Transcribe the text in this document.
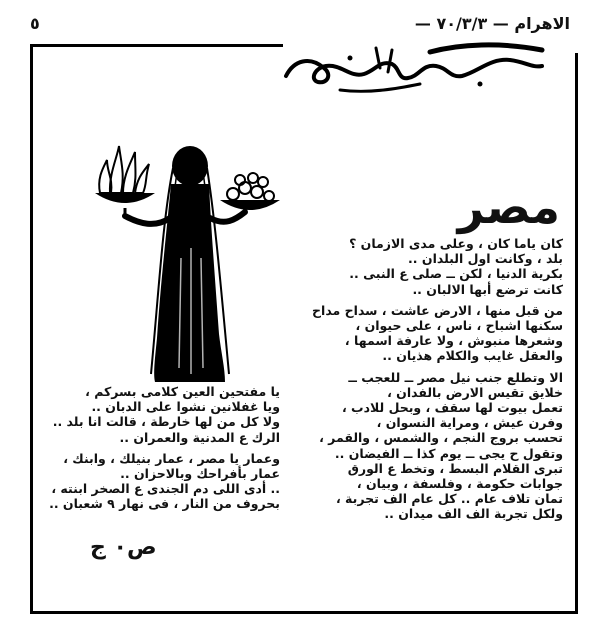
الاهرام — ٧٠/٣/٣ —
٥
مصر

كان ياما كان ، وعلى مدى الازمان ؟

بلد ، وكانت اول البلدان ..

بكرية الدنيا ، لكن ــ صلى ع النبى ..

كانت ترضع أبها الالبان ..

من قبل منها ، الارض عاشت ، سداح مداح

سكنها اشباح ، ناس ، على حيوان ،

وشعرها منبوش ، ولا عارفة اسمها ،

والعقل غايب والكلام هذيان ..

الا وتطلع جنب نيل مصر ــ للعجب ــ

خلايق تقيس الارض بالفدان ،

تعمل بيوت لها سقف ، وبحل للادب ،

وفرن عيش ، ومراية النسوان ،

تحسب بروج النجم ، والشمس ، والقمر ،

وتقول ح يجى ــ يوم كذا ــ الفيضان ..

تبرى القلام البسط ، وتخط ع الورق

جوابات حكومة ، وفلسفة ، وبيان ،

تمان تلاف عام .. كل عام الف تجربة ،

ولكل تجربة الف الف ميدان ..

يا مفتحين العين كلامى بسركم ،

ويا غفلانين نشوا على الدبان ..

ولا كل من لها خارطة ، قالت انا بلد ..

الرك ع المدنية والعمران ..

وعمار يا مصر ، عمار بنيلك ، وابنك ،

عمار بأفراحك وبالاحزان ..

.. أدى اللى دم الجندى ع الصخر ابنته ،

بحروف من النار ، فى نهار ٩ شعبان ..

ص٠ ج
